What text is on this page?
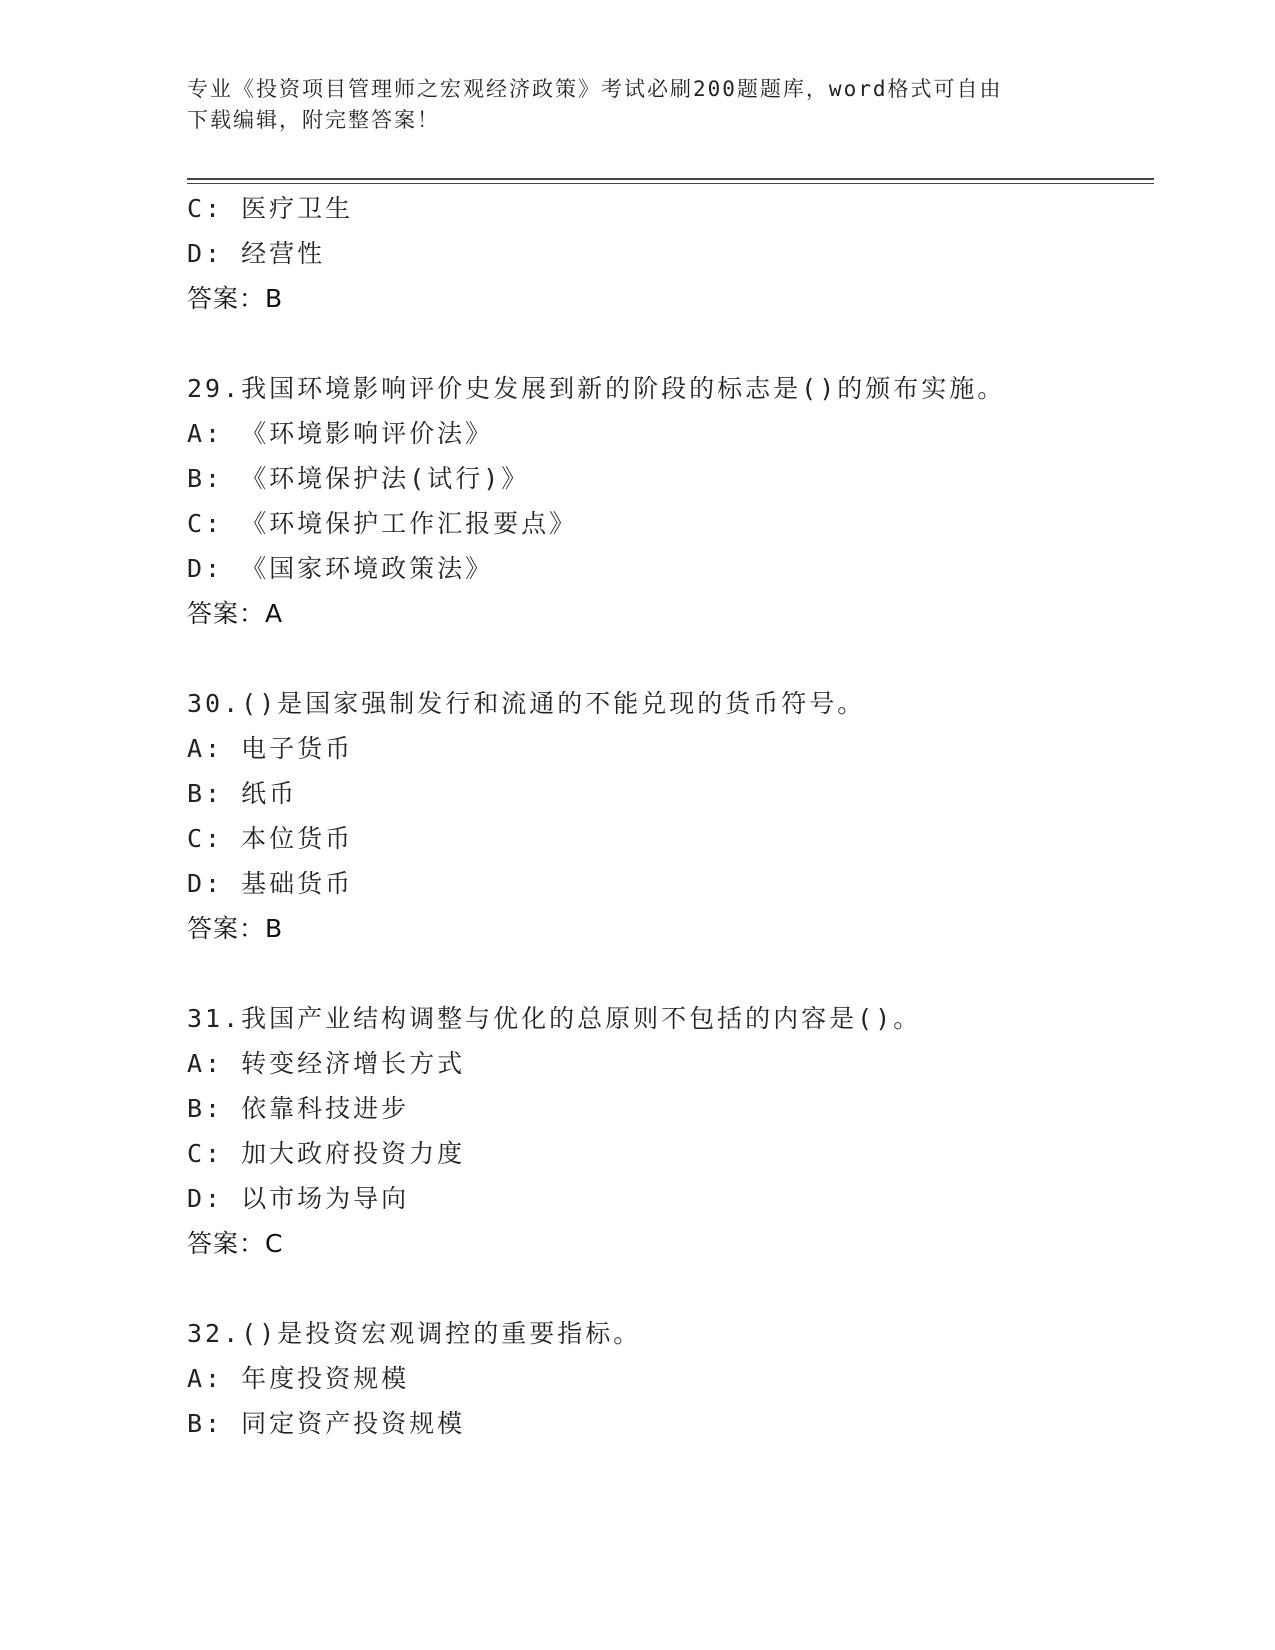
专业《投资项目管理师之宏观经济政策》考试必刷200题题库，word格式可自由
下载编辑，附完整答案！
C: 医疗卫生
D: 经营性
答案：B
29.我国环境影响评价史发展到新的阶段的标志是()的颁布实施。
A: 《环境影响评价法》
B: 《环境保护法(试行)》
C: 《环境保护工作汇报要点》
D: 《国家环境政策法》
答案：A
30.()是国家强制发行和流通的不能兑现的货币符号。
A: 电子货币
B: 纸币
C: 本位货币
D: 基础货币
答案：B
31.我国产业结构调整与优化的总原则不包括的内容是()。
A: 转变经济增长方式
B: 依靠科技进步
C: 加大政府投资力度
D: 以市场为导向
答案：C
32.()是投资宏观调控的重要指标。
A: 年度投资规模
B: 同定资产投资规模
